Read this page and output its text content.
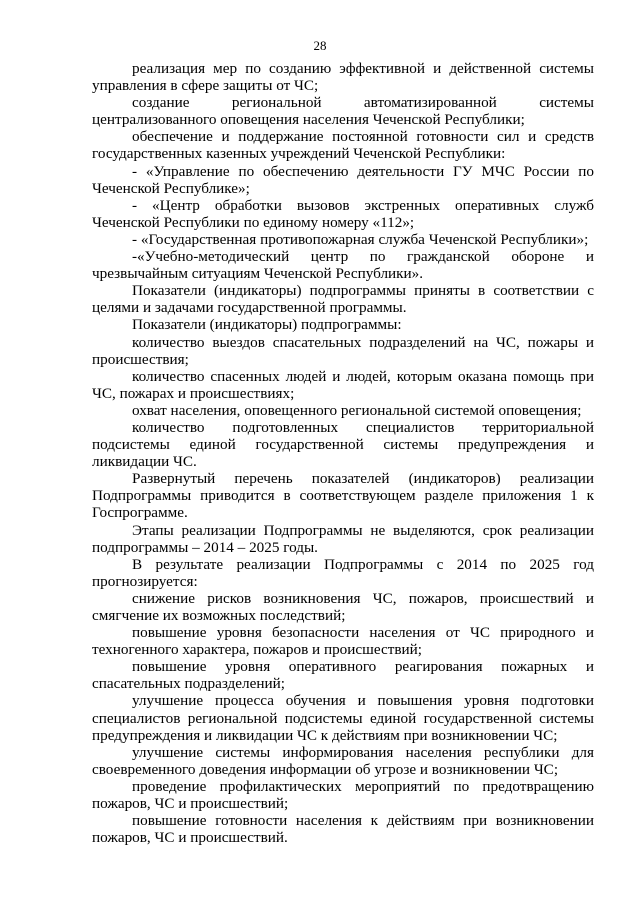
28

реализация мер по созданию эффективной и действенной системы управления в сфере защиты от ЧС;

создание региональной автоматизированной системы централизованного оповещения населения Чеченской Республики;

обеспечение и поддержание постоянной готовности сил и средств государственных казенных учреждений Чеченской Республики:

- «Управление по обеспечению деятельности ГУ МЧС России по Чеченской Республике»;

- «Центр обработки вызовов экстренных оперативных служб Чеченской Республики по единому номеру «112»;

- «Государственная противопожарная служба Чеченской Республики»;

-«Учебно-методический центр по гражданской обороне и чрезвычайным ситуациям Чеченской Республики».

Показатели (индикаторы) подпрограммы приняты в соответствии с целями и задачами государственной программы.

Показатели (индикаторы) подпрограммы:

количество выездов спасательных подразделений на ЧС, пожары и происшествия;

количество спасенных людей и людей, которым оказана помощь при ЧС, пожарах и происшествиях;

охват населения, оповещенного региональной системой оповещения;

количество подготовленных специалистов территориальной подсистемы единой государственной системы предупреждения и ликвидации ЧС.

Развернутый перечень показателей (индикаторов) реализации Подпрограммы приводится в соответствующем разделе приложения 1 к Госпрограмме.

Этапы реализации Подпрограммы не выделяются, срок реализации подпрограммы – 2014 – 2025 годы.

В результате реализации Подпрограммы с 2014 по 2025 год прогнозируется:

снижение рисков возникновения ЧС, пожаров, происшествий и смягчение их возможных последствий;

повышение уровня безопасности населения от ЧС природного и техногенного характера, пожаров и происшествий;

повышение уровня оперативного реагирования пожарных и спасательных подразделений;

улучшение процесса обучения и повышения уровня подготовки специалистов региональной подсистемы единой государственной системы предупреждения и ликвидации ЧС к действиям при возникновении ЧС;

улучшение системы информирования населения республики для своевременного доведения информации об угрозе и возникновении ЧС;

проведение профилактических мероприятий по предотвращению пожаров, ЧС и происшествий;

повышение готовности населения к действиям при возникновении пожаров, ЧС и происшествий.
